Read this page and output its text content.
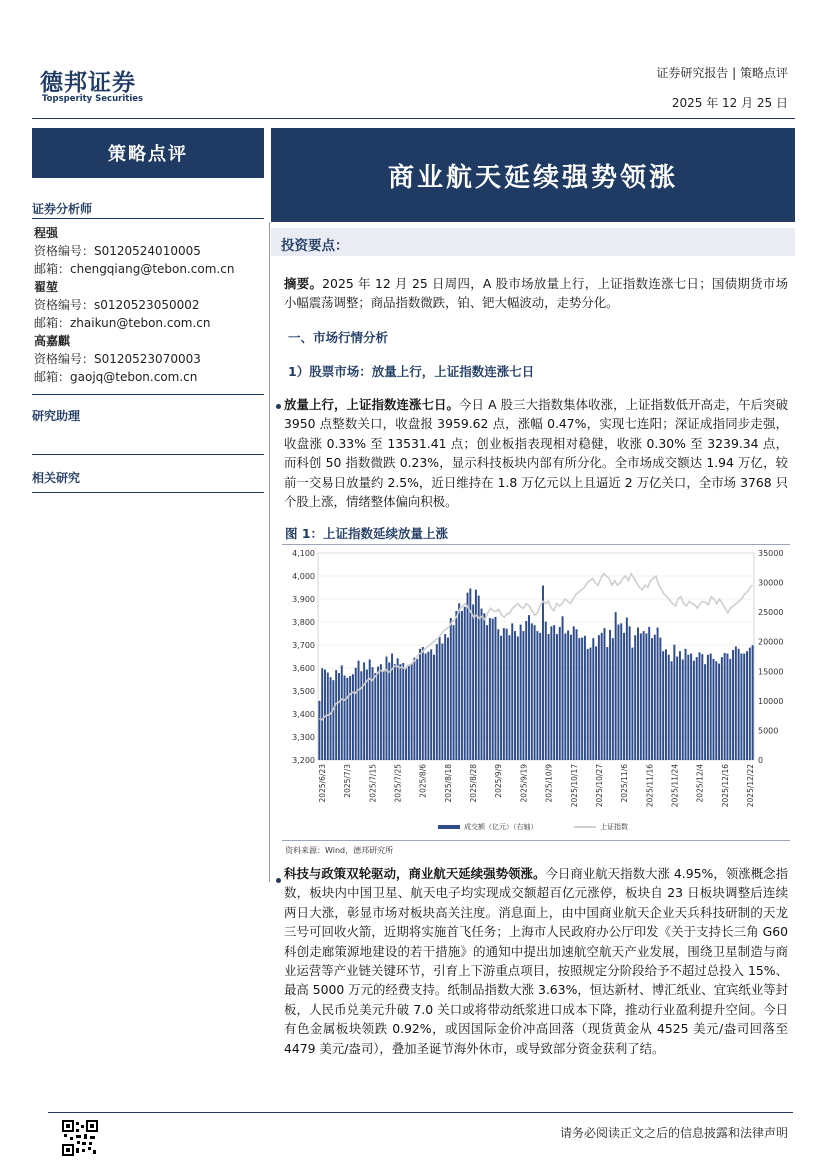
德邦证券
Topsperity Securities
证券研究报告 | 策略点评
2025 年 12 月 25 日
策略点评
证券分析师
程强
资格编号：S0120524010005
邮箱：chengqiang@tebon.com.cn
翟堃
资格编号：s0120523050002
邮箱：zhaikun@tebon.com.cn
高嘉麒
资格编号：S0120523070003
邮箱：gaojq@tebon.com.cn
研究助理
相关研究
商业航天延续强势领涨
投资要点：
摘要。2025 年 12 月 25 日周四，A 股市场放量上行，上证指数连涨七日；国债期货市场小幅震荡调整；商品指数微跌，铂、钯大幅波动，走势分化。
一、市场行情分析
1）股票市场：放量上行，上证指数连涨七日
放量上行，上证指数连涨七日。今日 A 股三大指数集体收涨，上证指数低开高走，午后突破 3950 点整数关口，收盘报 3959.62 点，涨幅 0.47%，实现七连阳；深证成指同步走强，收盘涨 0.33% 至 13531.41 点；创业板指表现相对稳健，收涨 0.30% 至 3239.34 点，而科创 50 指数微跌 0.23%，显示科技板块内部有所分化。全市场成交额达 1.94 万亿，较前一交易日放量约 2.5%，近日维持在 1.8 万亿元以上且逼近 2 万亿关口，全市场 3768 只个股上涨，情绪整体偏向积极。
图 1：上证指数延续放量上涨
3,200
3,300
3,400
3,500
3,600
3,700
3,800
3,900
4,000
4,100
0
5000
10000
15000
20000
25000
30000
35000
2025/6/23 2025/7/3 2025/7/15 2025/7/25 2025/8/6 2025/8/18 2025/8/28 2025/9/9 2025/9/19 2025/10/9 2025/10/17 2025/10/27 2025/11/6 2025/11/16 2025/11/24 2025/12/4 2025/12/16 2025/12/22
成交额（亿元）（右轴）	上证指数
资料来源：Wind，德邦研究所
科技与政策双轮驱动，商业航天延续强势领涨。今日商业航天指数大涨 4.95%，领涨概念指数，板块内中国卫星、航天电子均实现成交额超百亿元涨停，板块自 23 日板块调整后连续两日大涨，彰显市场对板块高关注度。消息面上，由中国商业航天企业天兵科技研制的天龙三号可回收火箭，近期将实施首飞任务；上海市人民政府办公厅印发《关于支持长三角 G60 科创走廊策源地建设的若干措施》的通知中提出加速航空航天产业发展，围绕卫星制造与商业运营等产业链关键环节，引育上下游重点项目，按照规定分阶段给予不超过总投入 15%、最高 5000 万元的经费支持。纸制品指数大涨 3.63%，恒达新材、博汇纸业、宜宾纸业等封板，人民币兑美元升破 7.0 关口或将带动纸浆进口成本下降，推动行业盈利提升空间。今日有色金属板块领跌 0.92%，或因国际金价冲高回落（现货黄金从 4525 美元/盎司回落至 4479 美元/盎司），叠加圣诞节海外休市，或导致部分资金获利了结。
请务必阅读正文之后的信息披露和法律声明
